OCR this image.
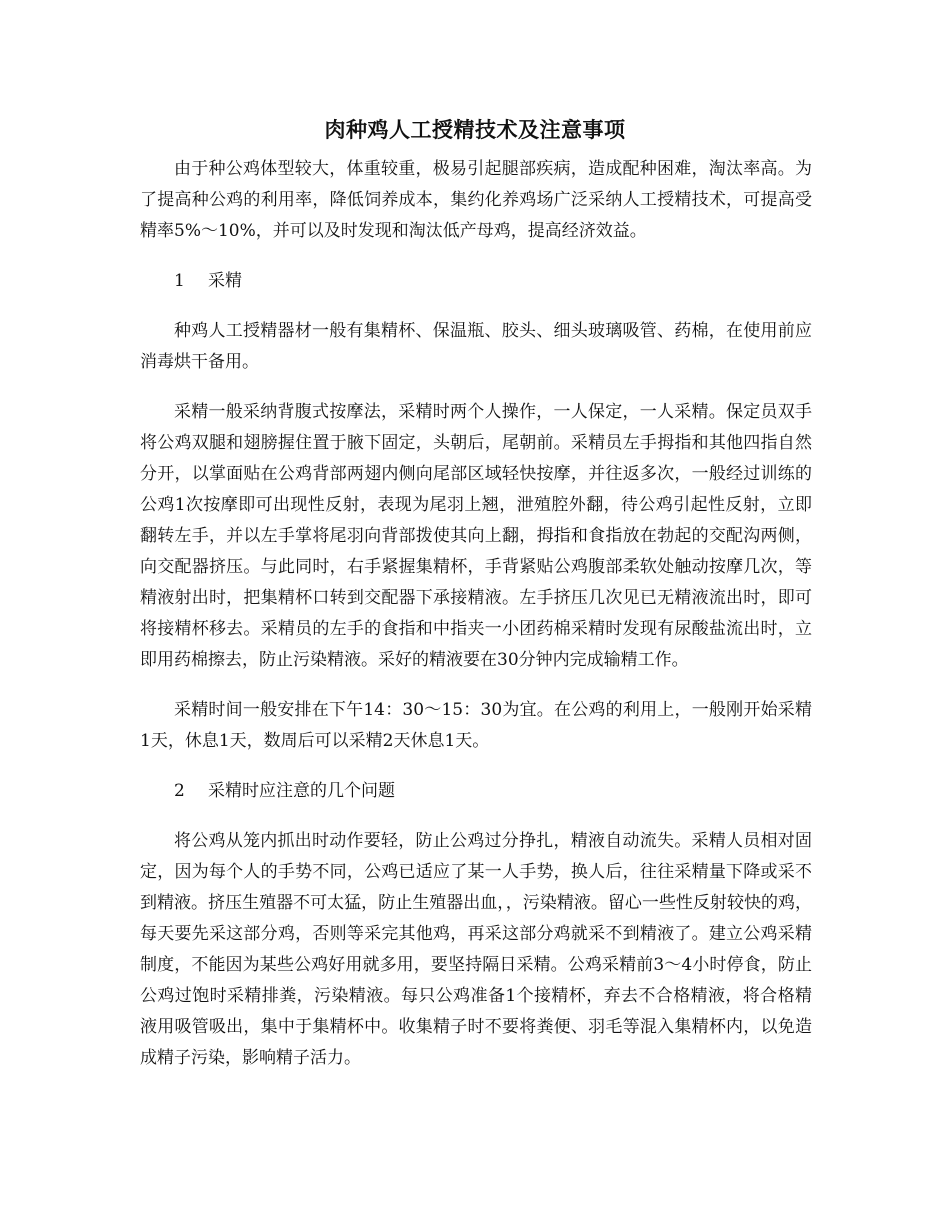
肉种鸡人工授精技术及注意事项

由于种公鸡体型较大，体重较重，极易引起腿部疾病，造成配种困难，淘汰率高。为了提高种公鸡的利用率，降低饲养成本，集约化养鸡场广泛采纳人工授精技术，可提高受精率5%～10%，并可以及时发现和淘汰低产母鸡，提高经济效益。

1 采精

种鸡人工授精器材一般有集精杯、保温瓶、胶头、细头玻璃吸管、药棉，在使用前应消毒烘干备用。

采精一般采纳背腹式按摩法，采精时两个人操作，一人保定，一人采精。保定员双手将公鸡双腿和翅膀握住置于腋下固定，头朝后，尾朝前。采精员左手拇指和其他四指自然分开，以掌面贴在公鸡背部两翅内侧向尾部区域轻快按摩，并往返多次，一般经过训练的公鸡1次按摩即可出现性反射，表现为尾羽上翘，泄殖腔外翻，待公鸡引起性反射，立即翻转左手，并以左手掌将尾羽向背部拨使其向上翻，拇指和食指放在勃起的交配沟两侧，向交配器挤压。与此同时，右手紧握集精杯，手背紧贴公鸡腹部柔软处触动按摩几次，等精液射出时，把集精杯口转到交配器下承接精液。左手挤压几次见已无精液流出时，即可将接精杯移去。采精员的左手的食指和中指夹一小团药棉采精时发现有尿酸盐流出时，立即用药棉擦去，防止污染精液。采好的精液要在30分钟内完成输精工作。

采精时间一般安排在下午14：30～15：30为宜。在公鸡的利用上，一般刚开始采精1天，休息1天，数周后可以采精2天休息1天。

2 采精时应注意的几个问题

将公鸡从笼内抓出时动作要轻，防止公鸡过分挣扎，精液自动流失。采精人员相对固定，因为每个人的手势不同，公鸡已适应了某一人手势，换人后，往往采精量下降或采不到精液。挤压生殖器不可太猛，防止生殖器出血，，污染精液。留心一些性反射较快的鸡，每天要先采这部分鸡，否则等采完其他鸡，再采这部分鸡就采不到精液了。建立公鸡采精制度，不能因为某些公鸡好用就多用，要坚持隔日采精。公鸡采精前3～4小时停食，防止公鸡过饱时采精排粪，污染精液。每只公鸡准备1个接精杯，弃去不合格精液，将合格精液用吸管吸出，集中于集精杯中。收集精子时不要将粪便、羽毛等混入集精杯内，以免造成精子污染，影响精子活力。
